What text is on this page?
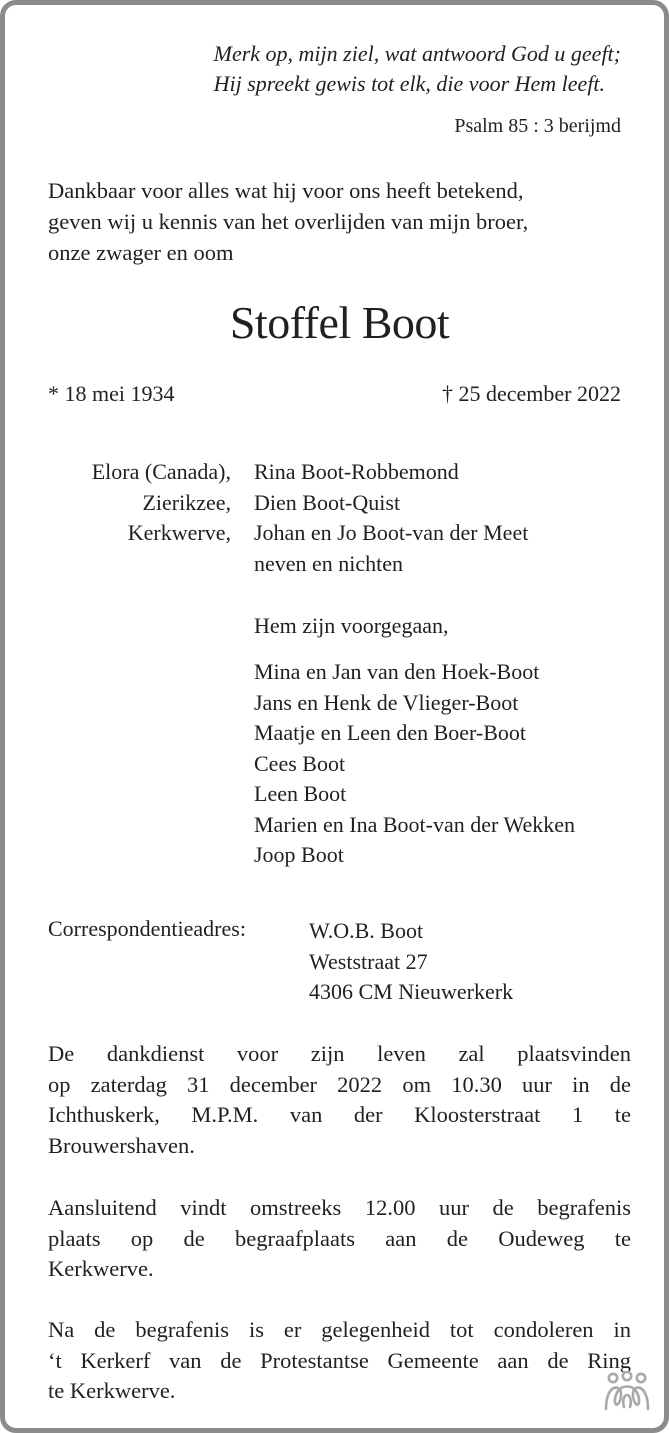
Merk op, mijn ziel, wat antwoord God u geeft;
Hij spreekt gewis tot elk, die voor Hem leeft.
Psalm 85 : 3 berijmd
Dankbaar voor alles wat hij voor ons heeft betekend,
geven wij u kennis van het overlijden van mijn broer,
onze zwager en oom
Stoffel Boot
* 18 mei 1934	† 25 december 2022
Elora (Canada),
Zierikzee,
Kerkwerve,
Rina Boot-Robbemond
Dien Boot-Quist
Johan en Jo Boot-van der Meet
neven en nichten
Hem zijn voorgegaan,
Mina en Jan van den Hoek-Boot
Jans en Henk de Vlieger-Boot
Maatje en Leen den Boer-Boot
Cees Boot
Leen Boot
Marien en Ina Boot-van der Wekken
Joop Boot
Correspondentieadres:	W.O.B. Boot
Weststraat 27
4306 CM Nieuwerkerk
De dankdienst voor zijn leven zal plaatsvinden
op zaterdag 31 december 2022 om 10.30 uur in de
Ichthuskerk, M.P.M. van der Kloosterstraat 1 te
Brouwershaven.
Aansluitend vindt omstreeks 12.00 uur de begrafenis
plaats op de begraafplaats aan de Oudeweg te
Kerkwerve.
Na de begrafenis is er gelegenheid tot condoleren in
‘t Kerkerf van de Protestantse Gemeente aan de Ring
te Kerkwerve.
